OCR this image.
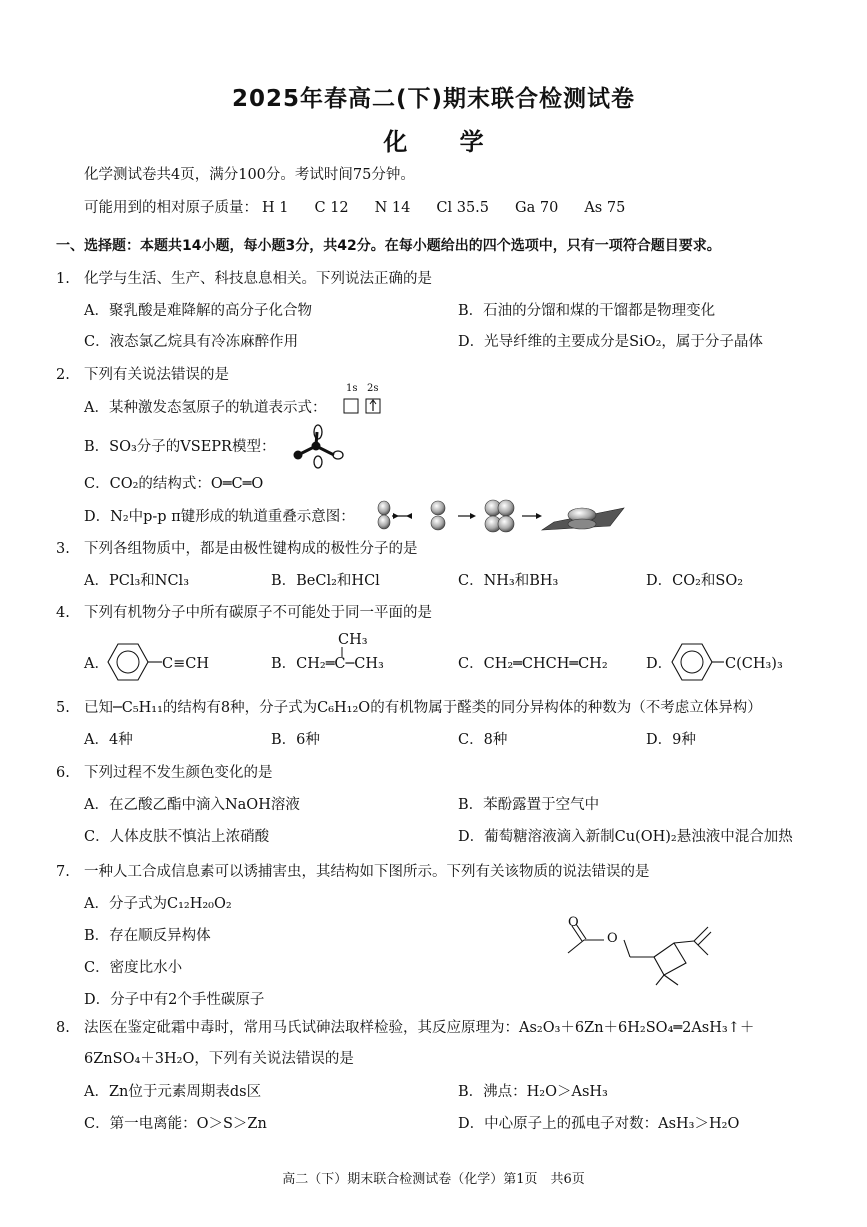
2025年春高二(下)期末联合检测试卷
化 学
化学测试卷共4页，满分100分。考试时间75分钟。
可能用到的相对原子质量： H 1 C 12 N 14 Cl 35.5 Ga 70 As 75
一、选择题：本题共14小题，每小题3分，共42分。在每小题给出的四个选项中，只有一项符合题目要求。
1. 化学与生活、生产、科技息息相关。下列说法正确的是
A．聚乳酸是难降解的高分子化合物	B．石油的分馏和煤的干馏都是物理变化
C．液态氯乙烷具有冷冻麻醉作用	D．光导纤维的主要成分是SiO₂，属于分子晶体
2. 下列有关说法错误的是
A．某种激发态氢原子的轨道表示式：
1s 2s
B．SO₃分子的VSEPR模型：
C．CO₂的结构式：O═C═O
D．N₂中p-p π键形成的轨道重叠示意图：
3. 下列各组物质中，都是由极性键构成的极性分子的是
A．PCl₃和NCl₃	B．BeCl₂和HCl	C．NH₃和BH₃	D．CO₂和SO₂
4. 下列有机物分子中所有碳原子不可能处于同一平面的是
A．	C≡CH	B．CH₂═C─CH₃
CH₃
C．CH₂═CHCH═CH₂	D．	C(CH₃)₃
5. 已知─C₅H₁₁的结构有8种，分子式为C₆H₁₂O的有机物属于醛类的同分异构体的种数为（不考虑立体异构）
A．4种	B．6种	C．8种	D．9种
6. 下列过程不发生颜色变化的是
A．在乙酸乙酯中滴入NaOH溶液	B．苯酚露置于空气中
C．人体皮肤不慎沾上浓硝酸	D．葡萄糖溶液滴入新制Cu(OH)₂悬浊液中混合加热
7. 一种人工合成信息素可以诱捕害虫，其结构如下图所示。下列有关该物质的说法错误的是
A．分子式为C₁₂H₂₀O₂
B．存在顺反异构体
C．密度比水小
D．分子中有2个手性碳原子
O
O
8. 法医在鉴定砒霜中毒时，常用马氏试砷法取样检验，其反应原理为：As₂O₃＋6Zn＋6H₂SO₄═2AsH₃↑＋
6ZnSO₄＋3H₂O，下列有关说法错误的是
A．Zn位于元素周期表ds区	B．沸点：H₂O＞AsH₃
C．第一电离能：O＞S＞Zn	D．中心原子上的孤电子对数：AsH₃＞H₂O
高二（下）期末联合检测试卷（化学）第1页　共6页
